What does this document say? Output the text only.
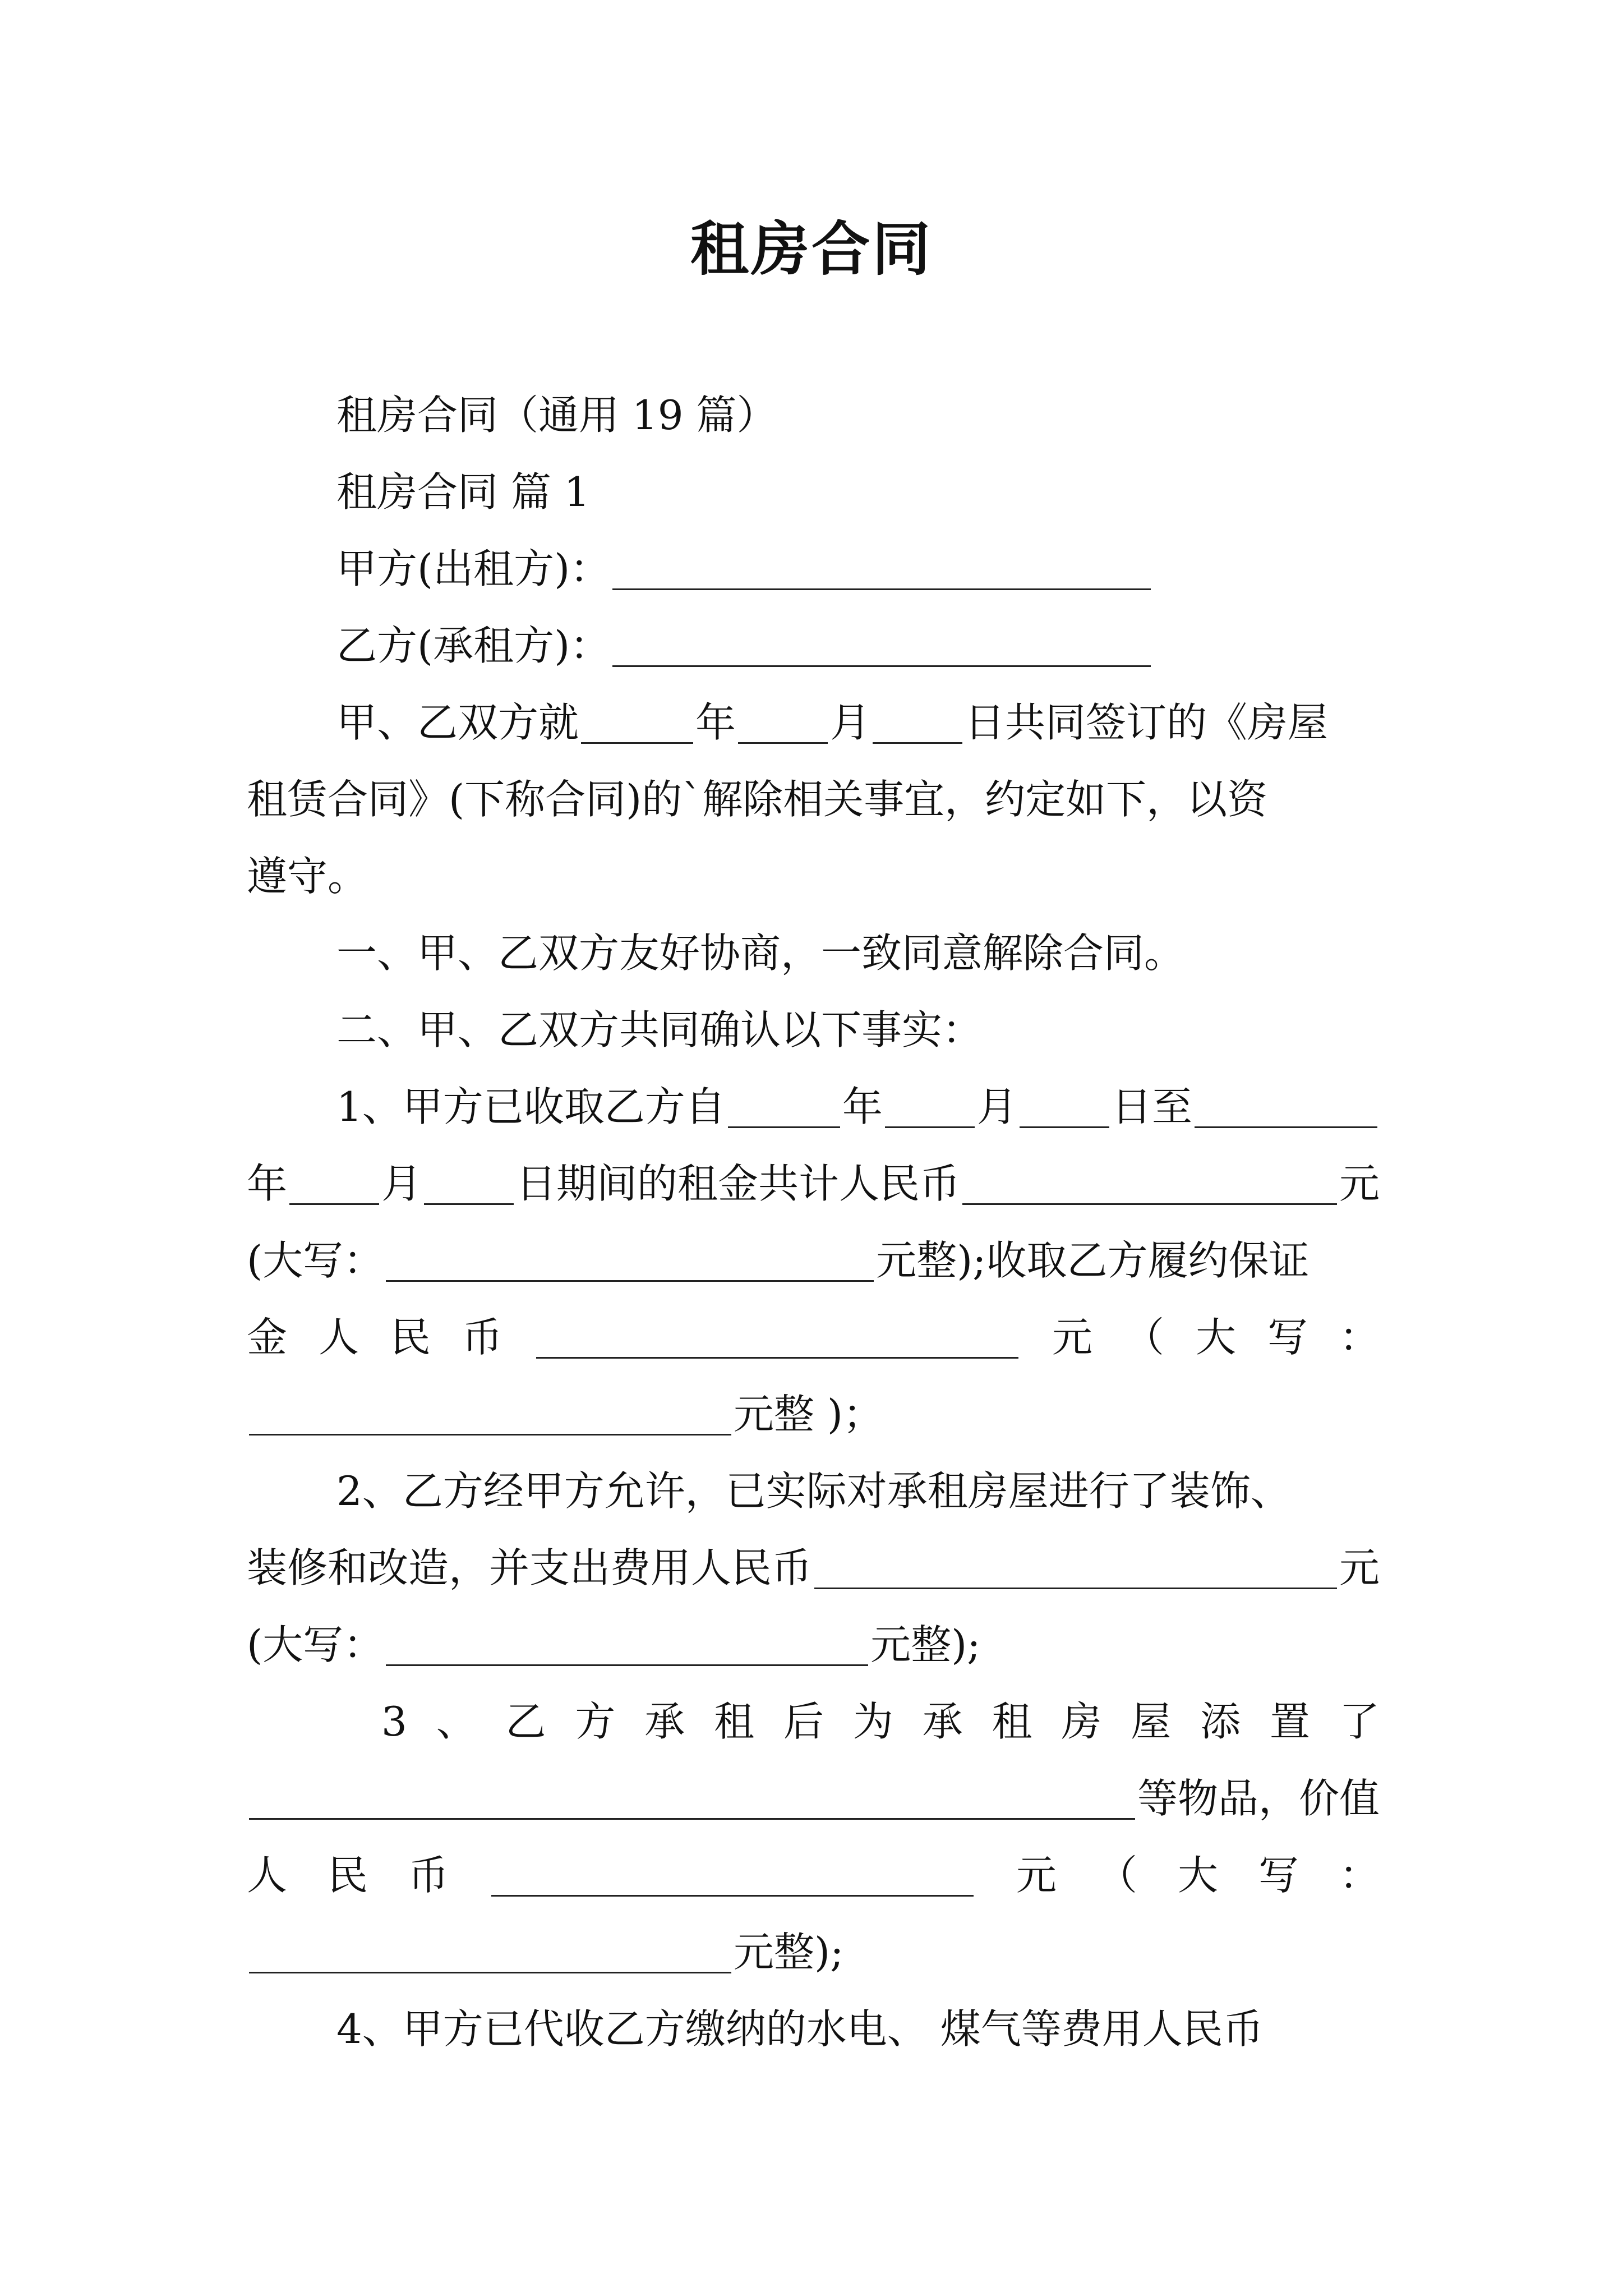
租房合同
租房合同（通用 19 篇）
租房合同 篇 1
甲方(出租方)：
乙方(承租方)：
甲、乙双方就	年 月 日共同签订的《房屋
租赁合同》(下称合同)的`解除相关事宜，约定如下，以资
遵守。
一、甲、乙双方友好协商，一致同意解除合同。
二、甲、乙双方共同确认以下事实：
1、甲方已收取乙方自	年 月 日至
年 月 日期间的租金共计人民币	元
(大写：	元整);收取乙方履约保证
金 人 民 币	元 （ 大 写 ：
元整 )；
2、乙方经甲方允许，已实际对承租房屋进行了装饰、
装修和改造，并支出费用人民币	元
(大写：	元整);
3 、 乙 方 承 租 后 为 承 租 房 屋 添 置 了
等物品，价值
人 民 币	元 （ 大 写 ：
元整);
4、甲方已代收乙方缴纳的水电、 煤气等费用人民币
